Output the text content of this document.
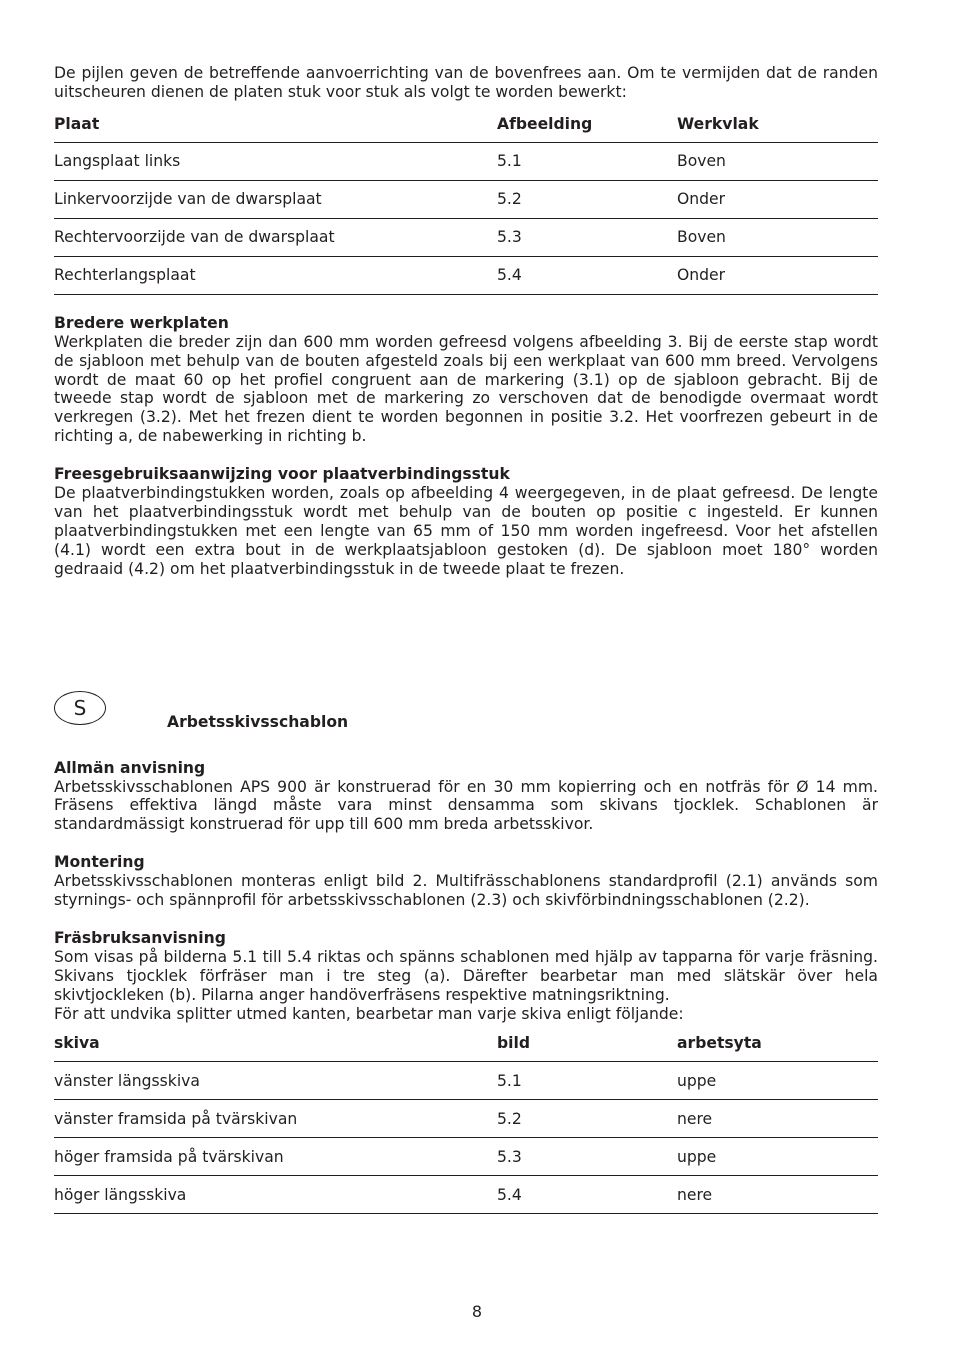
De pijlen geven de betreffende aanvoerrichting van de bovenfrees aan. Om te vermijden dat de randen uitscheuren dienen de platen stuk voor stuk als volgt te worden bewerkt:

Plaat	Afbeelding	Werkvlak
Langsplaat links	5.1	Boven
Linkervoorzijde van de dwarsplaat	5.2	Onder
Rechtervoorzijde van de dwarsplaat	5.3	Boven
Rechterlangsplaat	5.4	Onder
Bredere werkplaten

Werkplaten die breder zijn dan 600 mm worden gefreesd volgens afbeelding 3. Bij de eerste stap wordt de sjabloon met behulp van de bouten afgesteld zoals bij een werkplaat van 600 mm breed. Vervolgens wordt de maat 60 op het profiel congruent aan de markering (3.1) op de sjabloon gebracht. Bij de tweede stap wordt de sjabloon met de markering zo verschoven dat de benodigde overmaat wordt verkregen (3.2). Met het frezen dient te worden begonnen in positie 3.2. Het voorfrezen gebeurt in de richting a, de nabewerking in richting b.

Freesgebruiksaanwijzing voor plaatverbindingsstuk

De plaatverbindingstukken worden, zoals op afbeelding 4 weergegeven, in de plaat gefreesd. De lengte van het plaatverbindingsstuk wordt met behulp van de bouten op positie c ingesteld. Er kunnen plaatverbindingstukken met een lengte van 65 mm of 150 mm worden ingefreesd. Voor het afstellen (4.1) wordt een extra bout in de werkplaatsjabloon gestoken (d). De sjabloon moet 180° worden gedraaid (4.2) om het plaatverbindingsstuk in de tweede plaat te frezen.

S
Arbetsskivsschablon
Allmän anvisning

Arbetsskivsschablonen APS 900 är konstruerad för en 30 mm kopierring och en notfräs för Ø 14 mm. Fräsens effektiva längd måste vara minst densamma som skivans tjocklek. Schablonen är standardmässigt konstruerad för upp till 600 mm breda arbetsskivor.

Montering

Arbetsskivsschablonen monteras enligt bild 2. Multifrässchablonens standardprofil (2.1) används som styrnings- och spännprofil för arbetsskivsschablonen (2.3) och skivförbindningsschablonen (2.2).

Fräsbruksanvisning

Som visas på bilderna 5.1 till 5.4 riktas och spänns schablonen med hjälp av tapparna för varje fräsning. Skivans tjocklek förfräser man i tre steg (a). Därefter bearbetar man med slätskär över hela skivtjockleken (b). Pilarna anger handöverfräsens respektive matningsriktning.

För att undvika splitter utmed kanten, bearbetar man varje skiva enligt följande:

skiva	bild	arbetsyta
vänster längsskiva	5.1	uppe
vänster framsida på tvärskivan	5.2	nere
höger framsida på tvärskivan	5.3	uppe
höger längsskiva	5.4	nere
8
